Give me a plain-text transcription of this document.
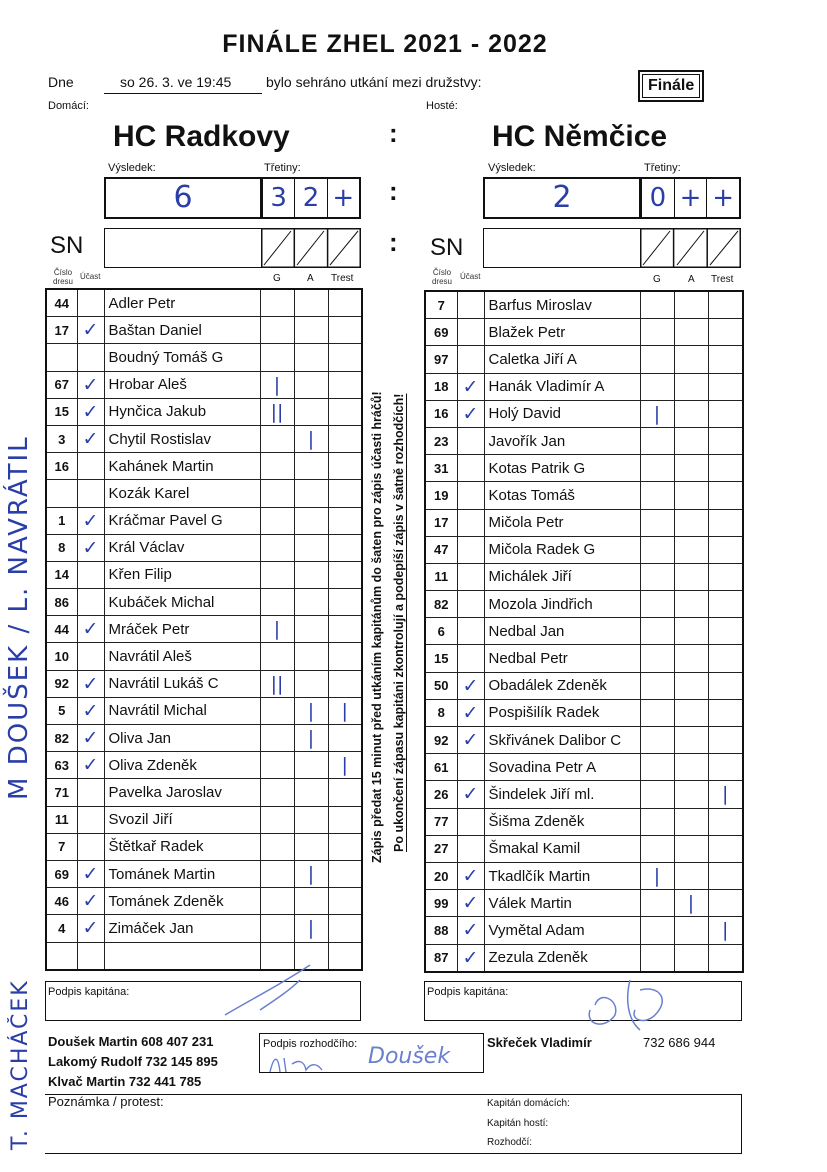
FINÁLE ZHEL 2021 - 2022
Dne	so 26. 3. ve 19:45 bylo sehráno utkání mezi družstvy:	Finále
Domácí:	Hosté:
HC Radkovy	HC Němčice
:
Výsledek:	Třetiny:	Výsledek:	Třetiny:
6	3 2 + :	2	0 + +
SN	: SN
Číslo dresu
Účast	G	A Trest
Číslo dresu
Účast	G	A Trest
44		Adler Petr			
17	✓	Baštan Daniel			
		Boudný Tomáš G			
67	✓	Hrobar Aleš	|		
15	✓	Hynčica Jakub	||		
3	✓	Chytil Rostislav		|	
16		Kahánek Martin			
		Kozák Karel			
1	✓	Kráčmar Pavel G			
8	✓	Král Václav			
14		Křen Filip			
86		Kubáček Michal			
44	✓	Mráček Petr	|		
10		Navrátil Aleš			
92	✓	Navrátil Lukáš C	||		
5	✓	Navrátil Michal		|	|
82	✓	Oliva Jan		|	
63	✓	Oliva Zdeněk			|
71		Pavelka Jaroslav			
11		Svozil Jiří			
7		Štětkař Radek			
69	✓	Tománek Martin		|	
46	✓	Tománek Zdeněk			
4	✓	Zimáček Jan		|	

7		Barfus Miroslav			
69		Blažek Petr			
97		Caletka Jiří A			
18	✓	Hanák Vladimír A			
16	✓	Holý David	|		
23		Javořík Jan			
31		Kotas Patrik G			
19		Kotas Tomáš			
17		Mičola Petr			
47		Mičola Radek G			
11		Michálek Jiří			
82		Mozola Jindřich			
6		Nedbal Jan			
15		Nedbal Petr			
50	✓	Obadálek Zdeněk			
8	✓	Pospišilík Radek			
92	✓	Skřivánek Dalibor C			
61		Sovadina Petr A			
26	✓	Šindelek Jiří ml.			|
77		Šišma Zdeněk			
27		Šmakal Kamil			
20	✓	Tkadlčík Martin	|		
99	✓	Válek Martin		|	
88	✓	Vymětal Adam			|
87	✓	Zezula Zdeněk			
Zápis předat 15 minut před utkáním kapitánům do šaten pro zápis účasti hráčů! Po ukončení zápasu kapitáni zkontrolují a podepíší zápis v šatně rozhodčích!
Podpis kapitána:	Podpis kapitána:
Doušek Martin 608 407 231
Lakomý Rudolf 732 145 895
Klvač Martin 732 441 785
Podpis rozhodčího: Doušek
Skřeček Vladimír	732 686 944
Poznámka / protest:	Kapitán domácích:
Kapitán hostí:
Rozhodčí:
M DOUŠEK / L. NAVRÁTIL
T. MACHÁČEK
